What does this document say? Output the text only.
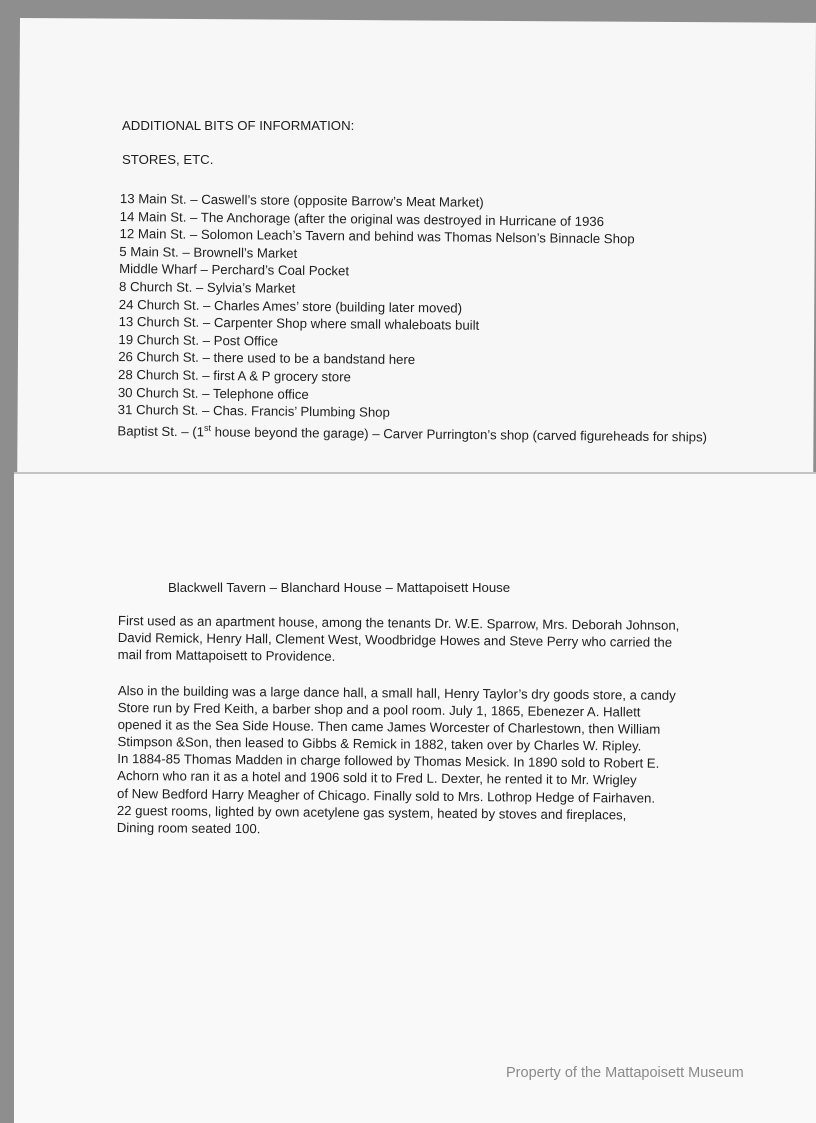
ADDITIONAL BITS OF INFORMATION:
STORES, ETC.
13 Main St. – Caswell’s store (opposite Barrow’s Meat Market)
14 Main St. – The Anchorage (after the original was destroyed in Hurricane of 1936
12 Main St. – Solomon Leach’s Tavern and behind was Thomas Nelson’s Binnacle Shop
5 Main St. – Brownell’s Market
Middle Wharf – Perchard’s Coal Pocket
8 Church St. – Sylvia’s Market
24 Church St. – Charles Ames’ store (building later moved)
13 Church St. – Carpenter Shop where small whaleboats built
19 Church St. – Post Office
26 Church St. – there used to be a bandstand here
28 Church St. – first A & P grocery store
30 Church St. – Telephone office
31 Church St. – Chas. Francis’ Plumbing Shop
Baptist St. – (1st house beyond the garage) – Carver Purrington’s shop (carved figureheads for ships)
Blackwell Tavern – Blanchard House – Mattapoisett House
First used as an apartment house, among the tenants Dr. W.E. Sparrow, Mrs. Deborah Johnson,
David Remick, Henry Hall, Clement West, Woodbridge Howes and Steve Perry who carried the
mail from Mattapoisett to Providence.
Also in the building was a large dance hall, a small hall, Henry Taylor’s dry goods store, a candy
Store run by Fred Keith, a barber shop and a pool room. July 1, 1865, Ebenezer A. Hallett
opened it as the Sea Side House. Then came James Worcester of Charlestown, then William
Stimpson &Son, then leased to Gibbs & Remick in 1882, taken over by Charles W. Ripley.
In 1884-85 Thomas Madden in charge followed by Thomas Mesick. In 1890 sold to Robert E.
Achorn who ran it as a hotel and 1906 sold it to Fred L. Dexter, he rented it to Mr. Wrigley
of New Bedford Harry Meagher of Chicago. Finally sold to Mrs. Lothrop Hedge of Fairhaven.
22 guest rooms, lighted by own acetylene gas system, heated by stoves and fireplaces,
Dining room seated 100.
Property of the Mattapoisett Museum
